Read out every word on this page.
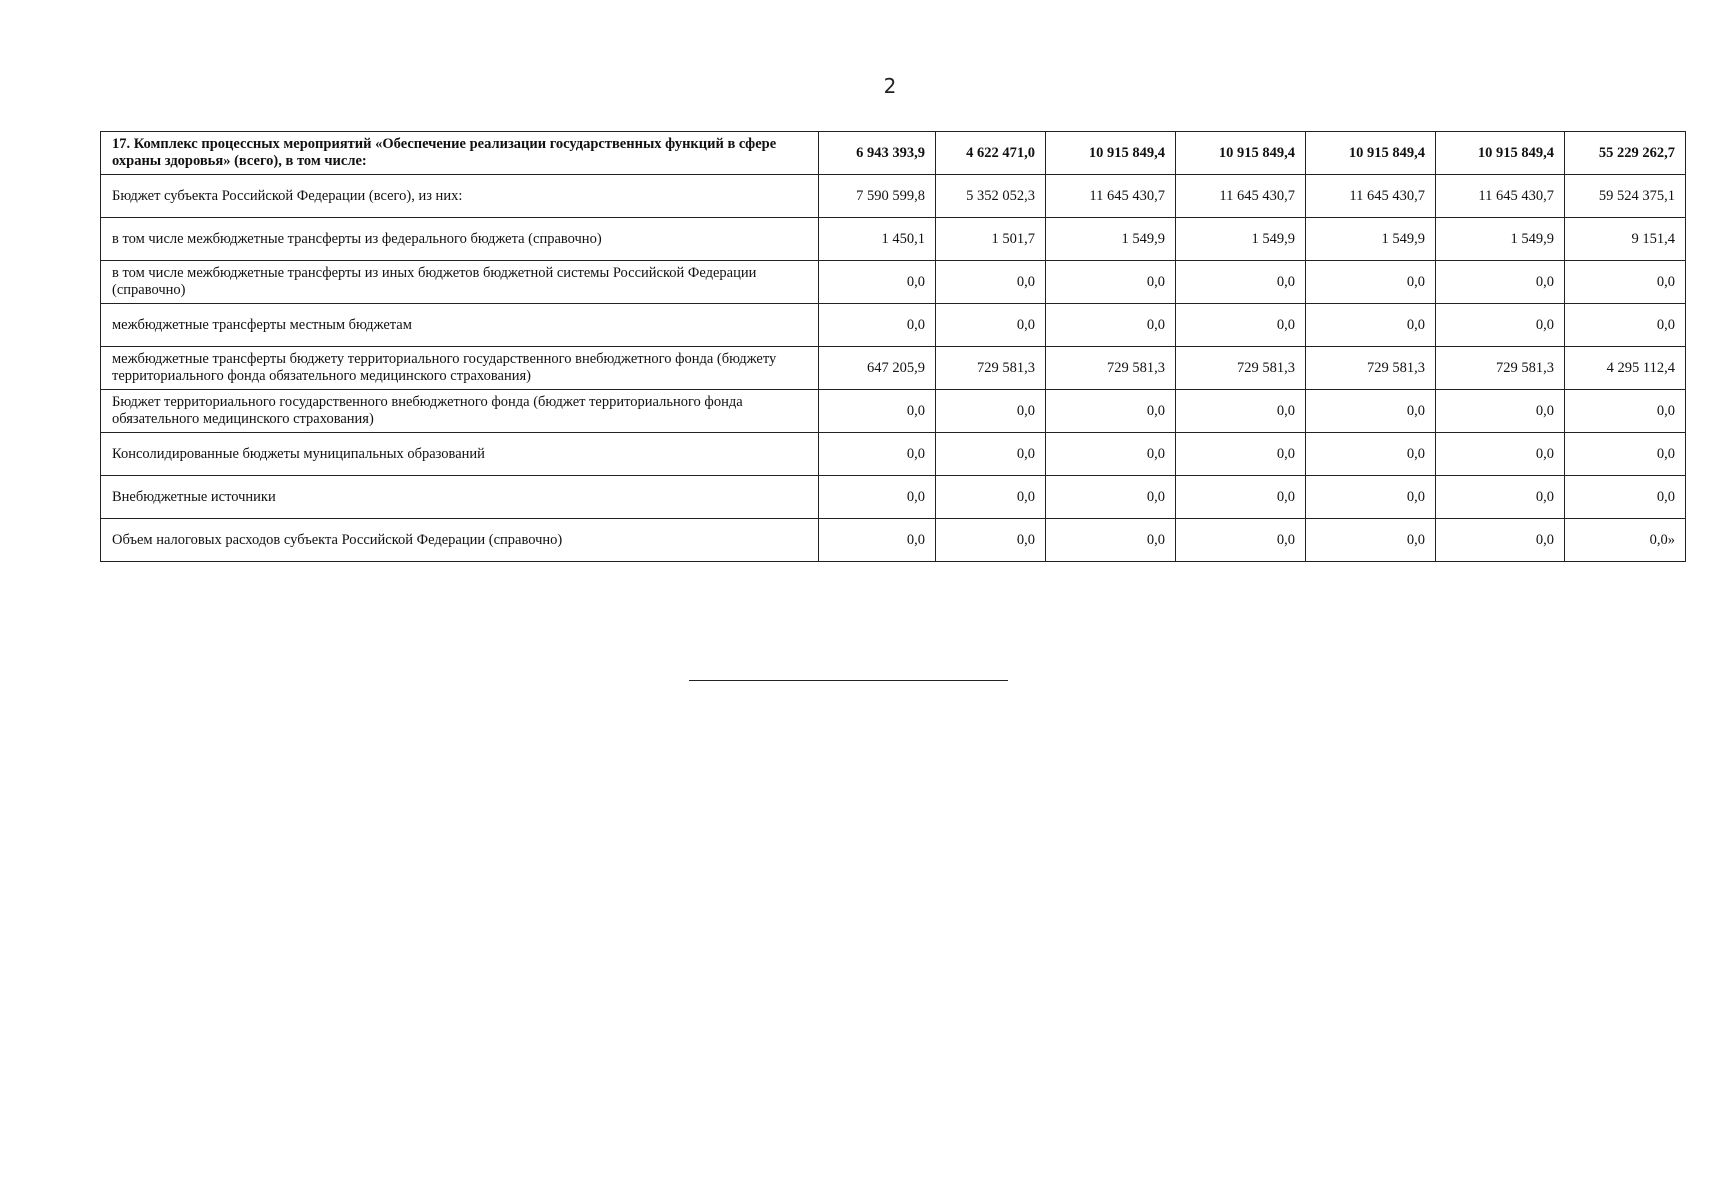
2
17. Комплекс процессных мероприятий «Обеспечение реализации государственных функций в сфере охраны здоровья» (всего), в том числе:	6 943 393,9	4 622 471,0	10 915 849,4	10 915 849,4	10 915 849,4	10 915 849,4	55 229 262,7
Бюджет субъекта Российской Федерации (всего), из них:	7 590 599,8	5 352 052,3	11 645 430,7	11 645 430,7	11 645 430,7	11 645 430,7	59 524 375,1
в том числе межбюджетные трансферты из федерального бюджета (справочно)	1 450,1	1 501,7	1 549,9	1 549,9	1 549,9	1 549,9	9 151,4
в том числе межбюджетные трансферты из иных бюджетов бюджетной системы Российской Федерации (справочно)	0,0	0,0	0,0	0,0	0,0	0,0	0,0
межбюджетные трансферты местным бюджетам	0,0	0,0	0,0	0,0	0,0	0,0	0,0
межбюджетные трансферты бюджету территориального государственного внебюджетного фонда (бюджету территориального фонда обязательного медицинского страхования)	647 205,9	729 581,3	729 581,3	729 581,3	729 581,3	729 581,3	4 295 112,4
Бюджет территориального государственного внебюджетного фонда (бюджет территориального фонда обязательного медицинского страхования)	0,0	0,0	0,0	0,0	0,0	0,0	0,0
Консолидированные бюджеты муниципальных образований	0,0	0,0	0,0	0,0	0,0	0,0	0,0
Внебюджетные источники	0,0	0,0	0,0	0,0	0,0	0,0	0,0
Объем налоговых расходов субъекта Российской Федерации (справочно)	0,0	0,0	0,0	0,0	0,0	0,0	0,0»
